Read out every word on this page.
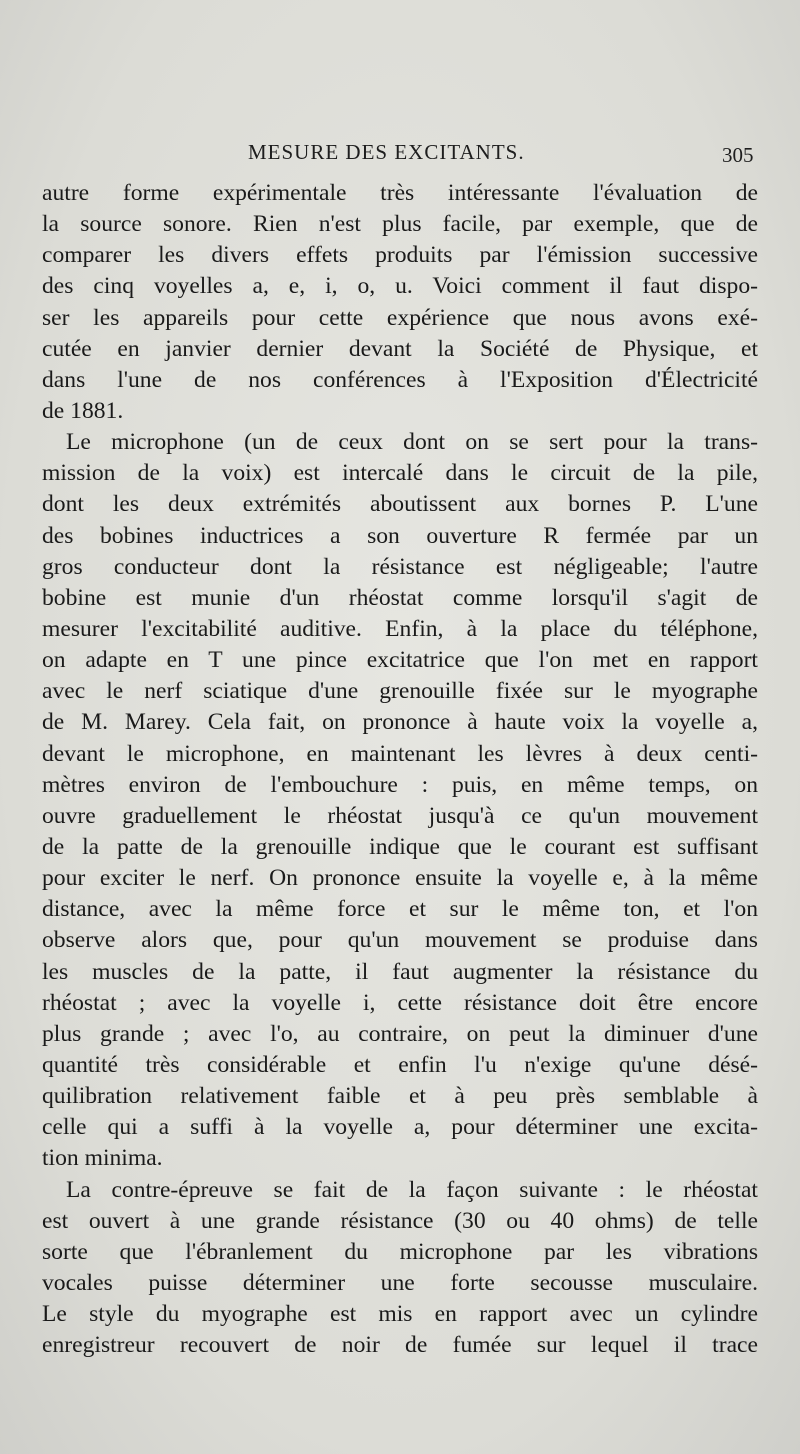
MESURE DES EXCITANTS.	305
autre forme expérimentale très intéressante l'évaluation de
la source sonore. Rien n'est plus facile, par exemple, que de
comparer les divers effets produits par l'émission successive
des cinq voyelles a, e, i, o, u. Voici comment il faut dispo-
ser les appareils pour cette expérience que nous avons exé-
cutée en janvier dernier devant la Société de Physique, et
dans l'une de nos conférences à l'Exposition d'Électricité
de 1881.
Le microphone (un de ceux dont on se sert pour la trans-
mission de la voix) est intercalé dans le circuit de la pile,
dont les deux extrémités aboutissent aux bornes P. L'une
des bobines inductrices a son ouverture R fermée par un
gros conducteur dont la résistance est négligeable; l'autre
bobine est munie d'un rhéostat comme lorsqu'il s'agit de
mesurer l'excitabilité auditive. Enfin, à la place du téléphone,
on adapte en T une pince excitatrice que l'on met en rapport
avec le nerf sciatique d'une grenouille fixée sur le myographe
de M. Marey. Cela fait, on prononce à haute voix la voyelle a,
devant le microphone, en maintenant les lèvres à deux centi-
mètres environ de l'embouchure : puis, en même temps, on
ouvre graduellement le rhéostat jusqu'à ce qu'un mouvement
de la patte de la grenouille indique que le courant est suffisant
pour exciter le nerf. On prononce ensuite la voyelle e, à la même
distance, avec la même force et sur le même ton, et l'on
observe alors que, pour qu'un mouvement se produise dans
les muscles de la patte, il faut augmenter la résistance du
rhéostat ; avec la voyelle i, cette résistance doit être encore
plus grande ; avec l'o, au contraire, on peut la diminuer d'une
quantité très considérable et enfin l'u n'exige qu'une désé-
quilibration relativement faible et à peu près semblable à
celle qui a suffi à la voyelle a, pour déterminer une excita-
tion minima.
La contre-épreuve se fait de la façon suivante : le rhéostat
est ouvert à une grande résistance (30 ou 40 ohms) de telle
sorte que l'ébranlement du microphone par les vibrations
vocales puisse déterminer une forte secousse musculaire.
Le style du myographe est mis en rapport avec un cylindre
enregistreur recouvert de noir de fumée sur lequel il trace
